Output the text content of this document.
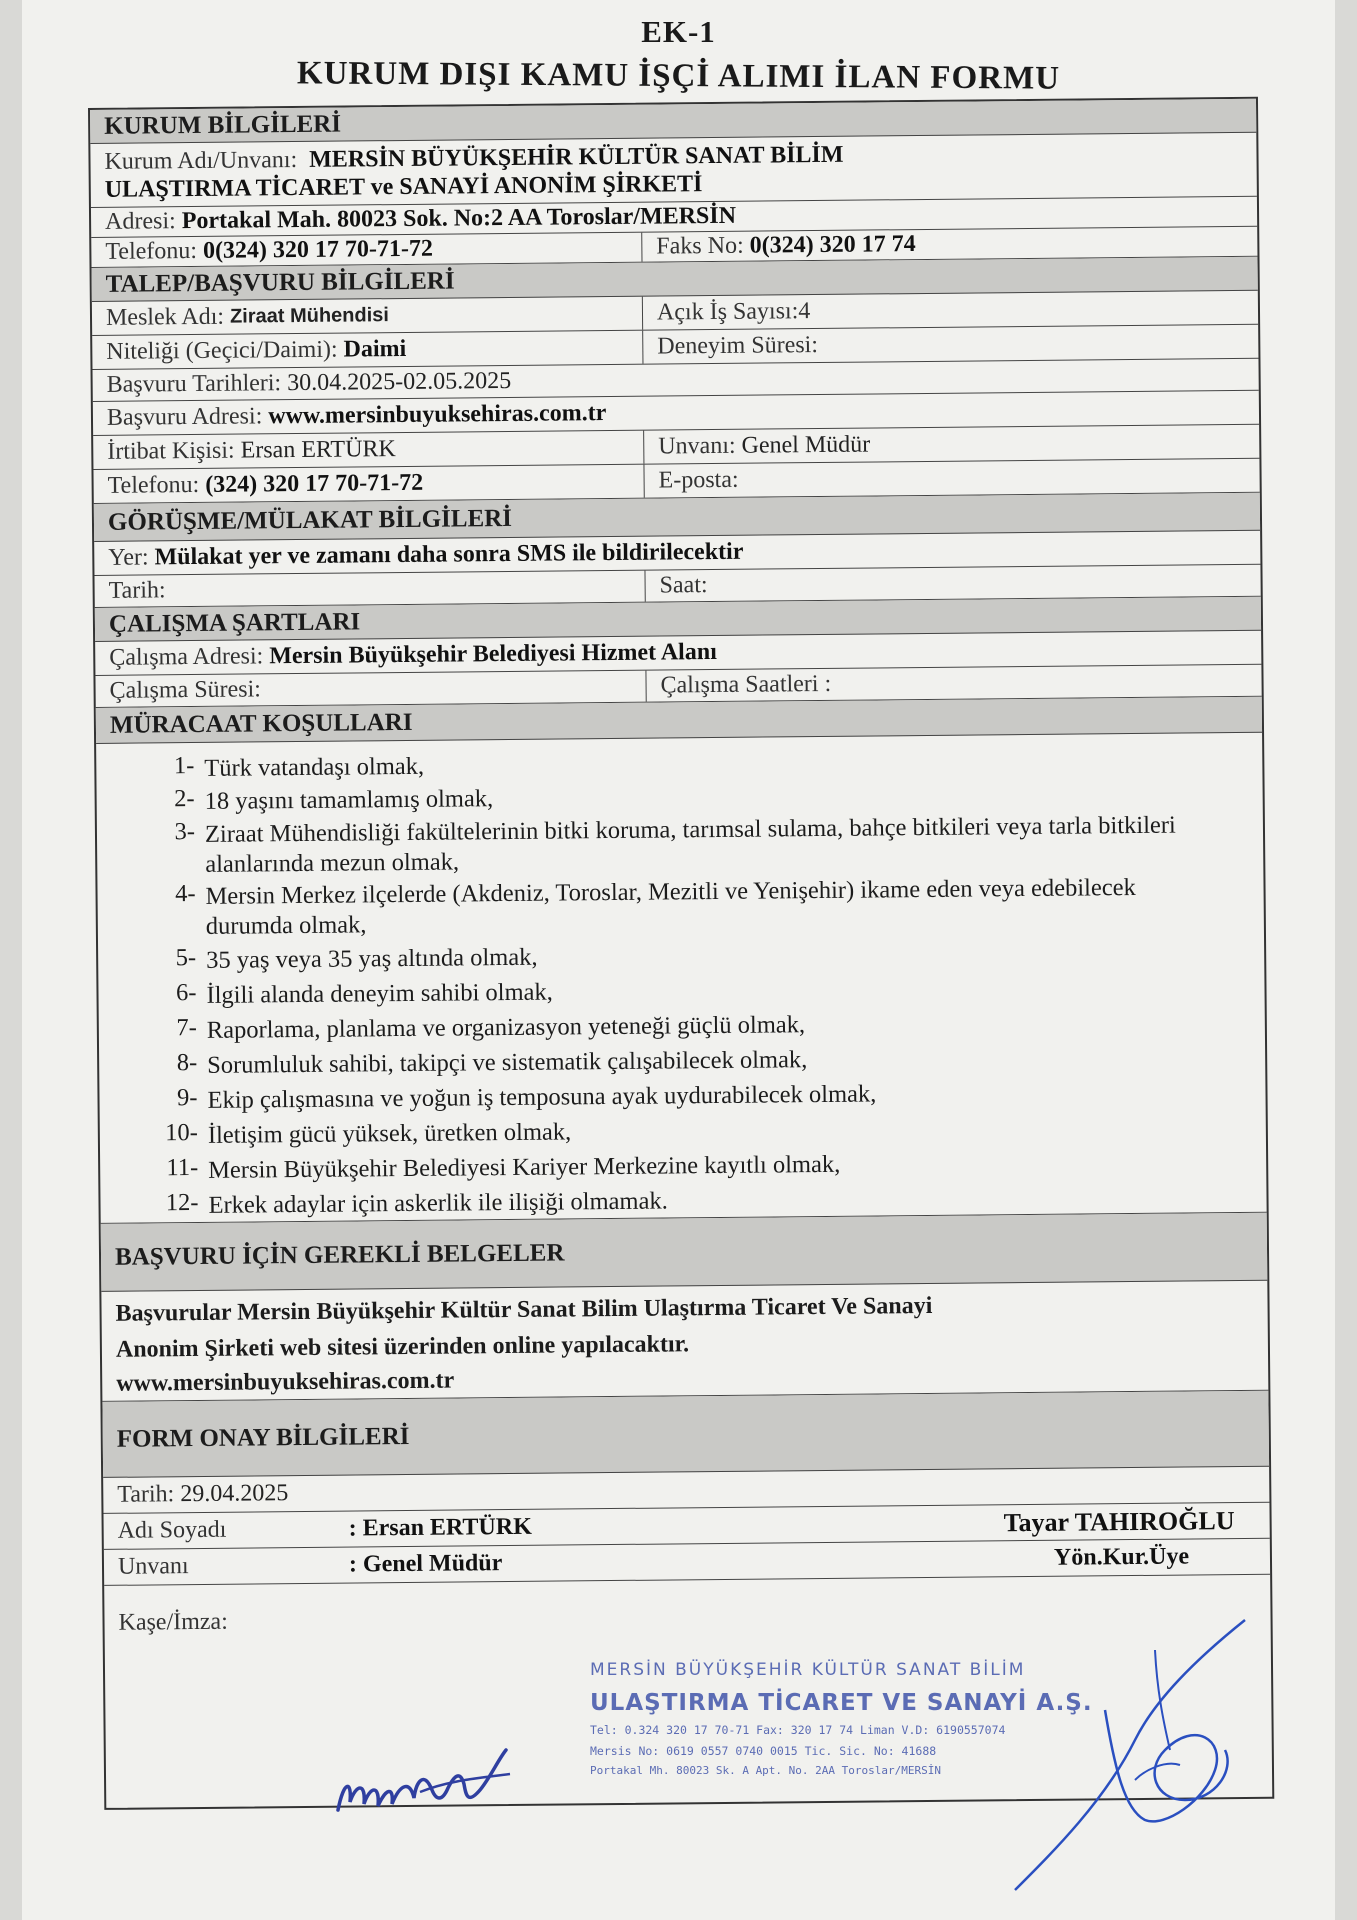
EK-1
KURUM DIŞI KAMU İŞÇİ ALIMI İLAN FORMU
KURUM BİLGİLERİ
Kurum Adı/Unvanı: MERSİN BÜYÜKŞEHİR KÜLTÜR SANAT BİLİM
ULAŞTIRMA TİCARET ve SANAYİ ANONİM ŞİRKETİ
Adresi: Portakal Mah. 80023 Sok. No:2 AA Toroslar/MERSİN
Telefonu: 0(324) 320 17 70-71-72	Faks No: 0(324) 320 17 74
TALEP/BAŞVURU BİLGİLERİ
Meslek Adı: Ziraat Mühendisi	Açık İş Sayısı: 4
Niteliği (Geçici/Daimi): Daimi	Deneyim Süresi:
Başvuru Tarihleri: 30.04.2025-02.05.2025
Başvuru Adresi: www.mersinbuyuksehiras.com.tr
İrtibat Kişisi: Ersan ERTÜRK	Unvanı: Genel Müdür
Telefonu: (324) 320 17 70-71-72	E-posta:
GÖRÜŞME/MÜLAKAT BİLGİLERİ
Yer: Mülakat yer ve zamanı daha sonra SMS ile bildirilecektir
Tarih:	Saat:
ÇALIŞMA ŞARTLARI
Çalışma Adresi: Mersin Büyükşehir Belediyesi Hizmet Alanı
Çalışma Süresi:	Çalışma Saatleri :
MÜRACAAT KOŞULLARI
1- Türk vatandaşı olmak,
2- 18 yaşını tamamlamış olmak,
3- Ziraat Mühendisliği fakültelerinin bitki koruma, tarımsal sulama, bahçe bitkileri veya tarla bitkileri alanlarında mezun olmak,
4- Mersin Merkez ilçelerde (Akdeniz, Toroslar, Mezitli ve Yenişehir) ikame eden veya edebilecek durumda olmak,
5- 35 yaş veya 35 yaş altında olmak,
6- İlgili alanda deneyim sahibi olmak,
7- Raporlama, planlama ve organizasyon yeteneği güçlü olmak,
8- Sorumluluk sahibi, takipçi ve sistematik çalışabilecek olmak,
9- Ekip çalışmasına ve yoğun iş temposuna ayak uydurabilecek olmak,
10- İletişim gücü yüksek, üretken olmak,
11- Mersin Büyükşehir Belediyesi Kariyer Merkezine kayıtlı olmak,
12- Erkek adaylar için askerlik ile ilişiği olmamak.
BAŞVURU İÇİN GEREKLİ BELGELER
Başvurular Mersin Büyükşehir Kültür Sanat Bilim Ulaştırma Ticaret Ve Sanayi
Anonim Şirketi web sitesi üzerinden online yapılacaktır.
www.mersinbuyuksehiras.com.tr
FORM ONAY BİLGİLERİ
Tarih: 29.04.2025
Adı Soyadı	: Ersan ERTÜRK	Tayar TAHIROĞLU
Unvanı	: Genel Müdür	Yön.Kur.Üye
Kaşe/İmza:
MERSİN BÜYÜKŞEHİR KÜLTÜR SANAT BİLİM
ULAŞTIRMA TİCARET VE SANAYİ A.Ş.
Tel: 0.324 320 17 70-71 Fax: 320 17 74 Liman V.D: 6190557074
Mersis No: 0619 0557 0740 0015 Tic. Sic. No: 41688
Portakal Mh. 80023 Sk. A Apt. No. 2AA Toroslar/MERSİN
